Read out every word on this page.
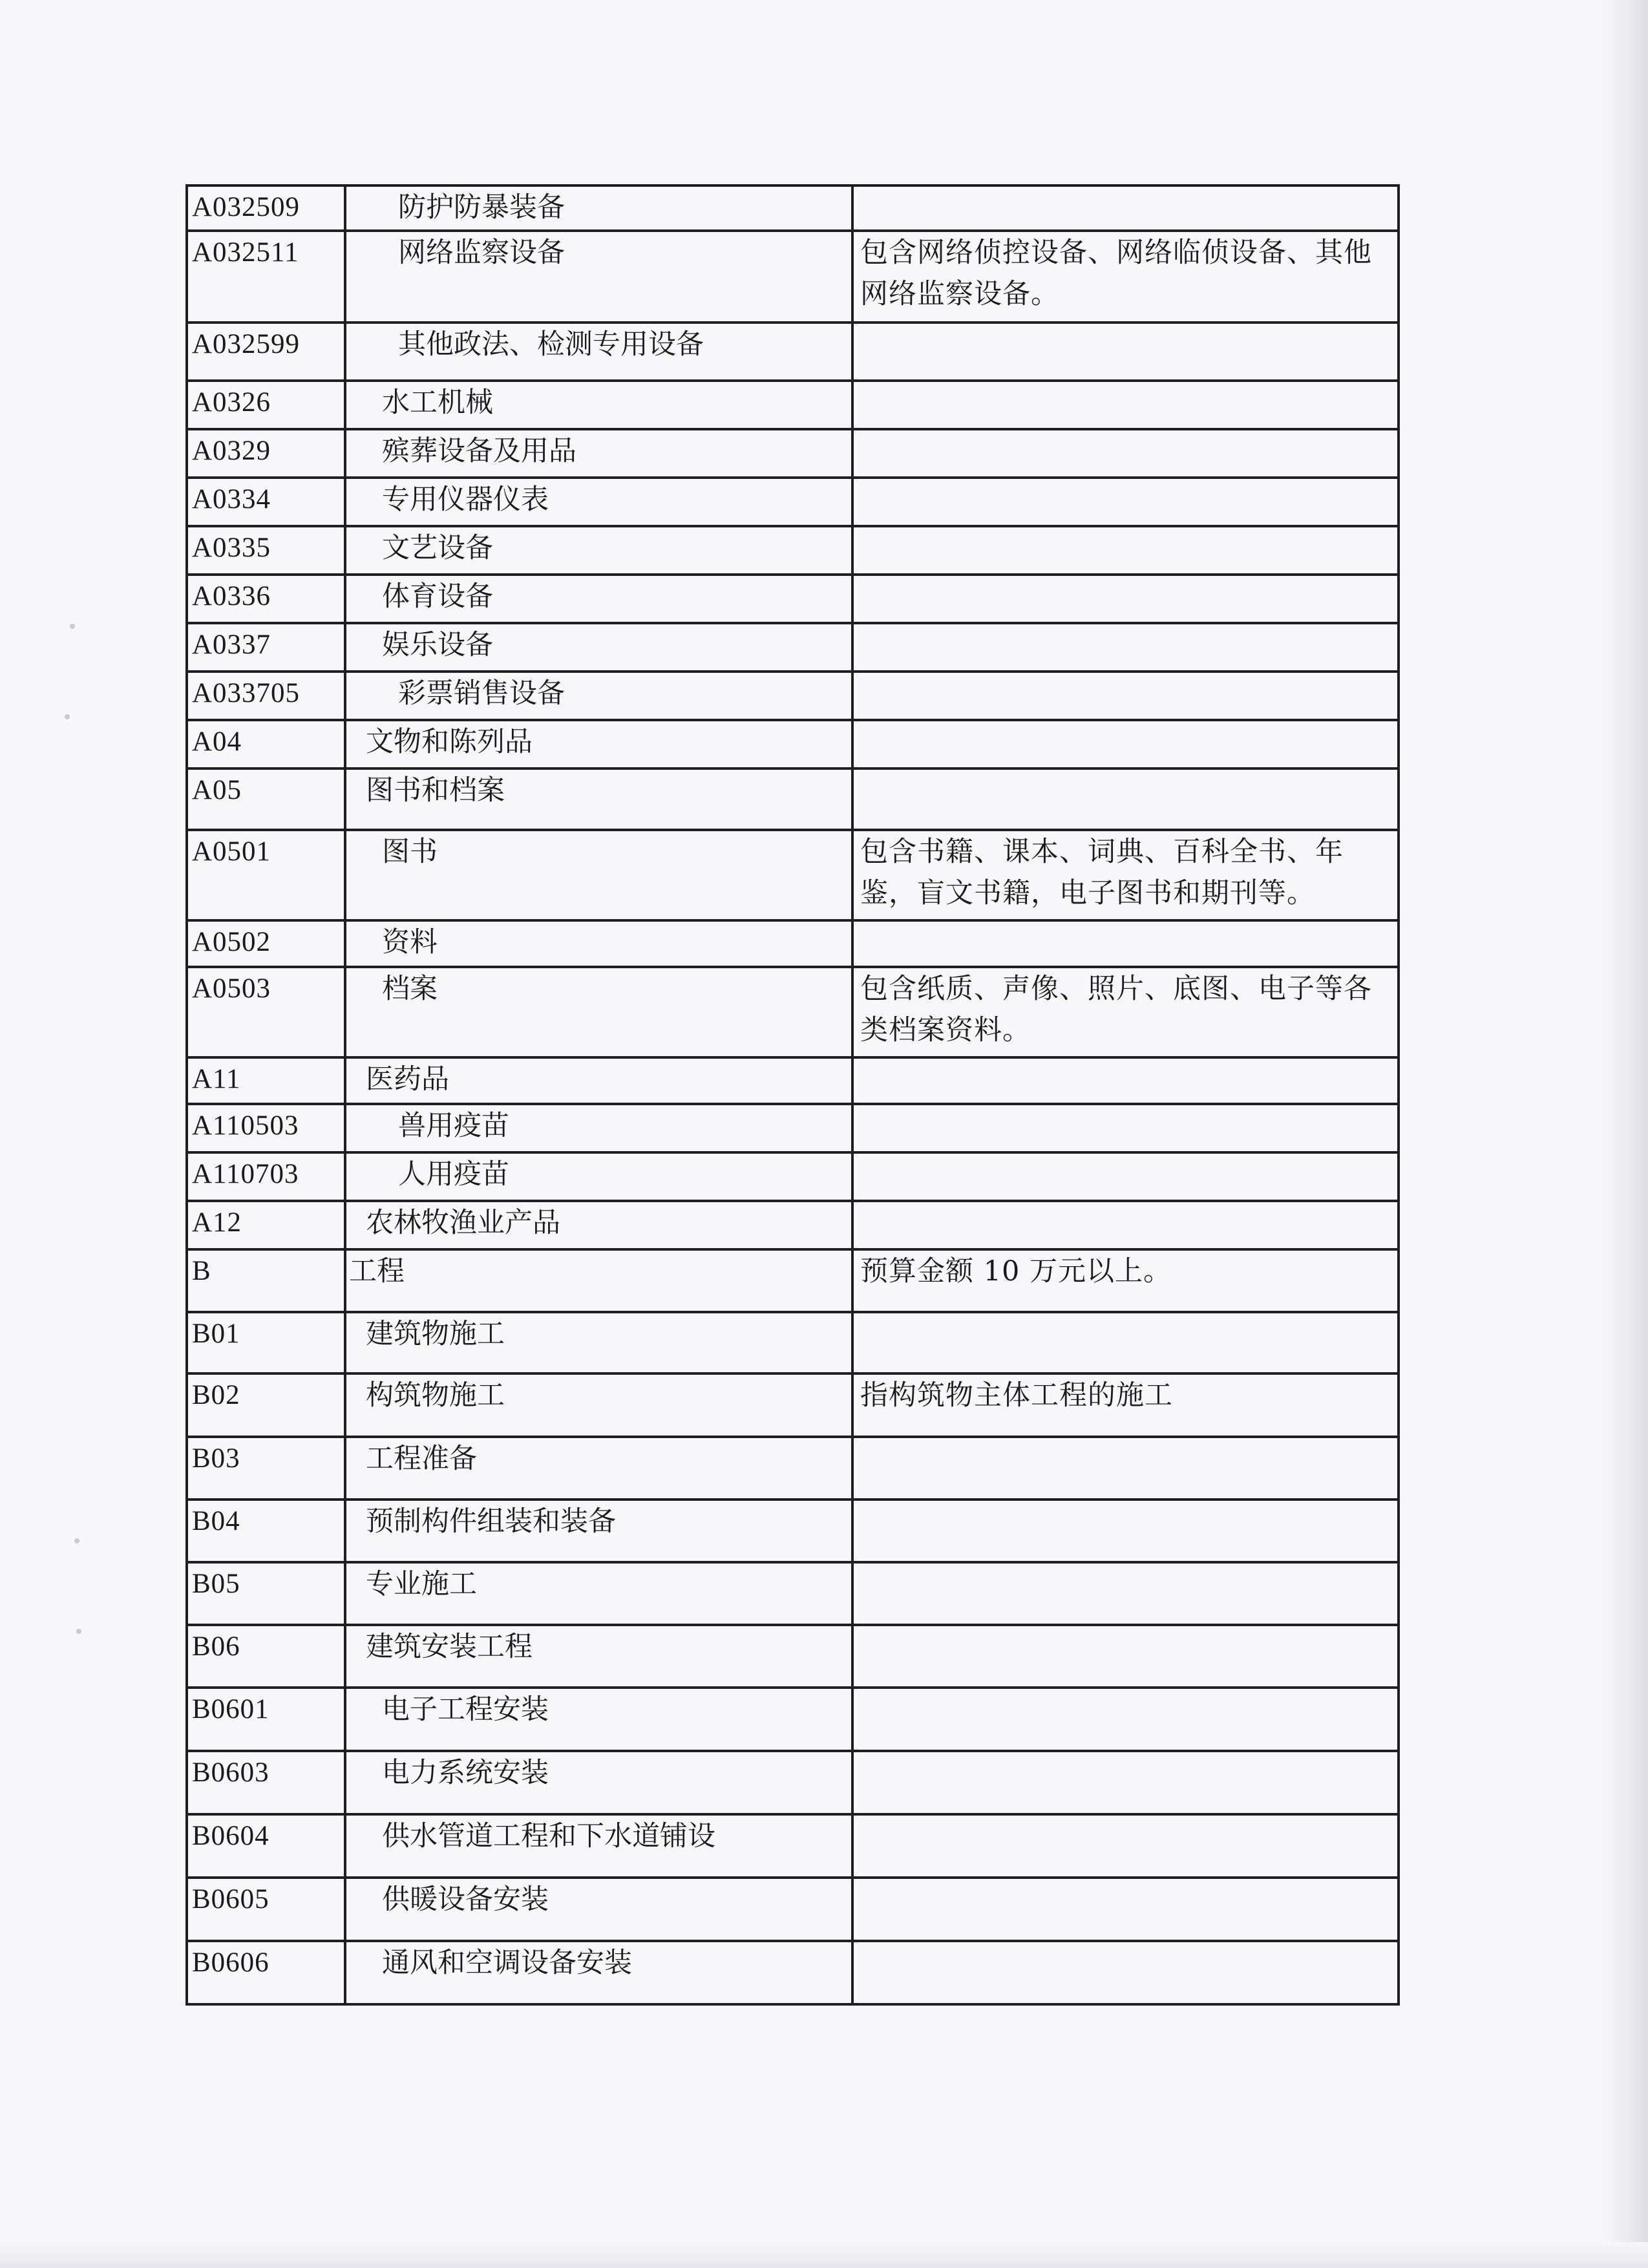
A032509	防护防暴装备	
A032511	网络监察设备	包含网络侦控设备、网络临侦设备、其他网络监察设备。
A032599	其他政法、检测专用设备	
A0326	水工机械	
A0329	殡葬设备及用品	
A0334	专用仪器仪表	
A0335	文艺设备	
A0336	体育设备	
A0337	娱乐设备	
A033705	彩票销售设备	
A04	文物和陈列品	
A05	图书和档案	
A0501	图书	包含书籍、课本、词典、百科全书、年鉴，盲文书籍，电子图书和期刊等。
A0502	资料	
A0503	档案	包含纸质、声像、照片、底图、电子等各类档案资料。
A11	医药品	
A110503	兽用疫苗	
A110703	人用疫苗	
A12	农林牧渔业产品	
B	工程	预算金额 10 万元以上。
B01	建筑物施工	
B02	构筑物施工	指构筑物主体工程的施工
B03	工程准备	
B04	预制构件组装和装备	
B05	专业施工	
B06	建筑安装工程	
B0601	电子工程安装	
B0603	电力系统安装	
B0604	供水管道工程和下水道铺设	
B0605	供暖设备安装	
B0606	通风和空调设备安装	
